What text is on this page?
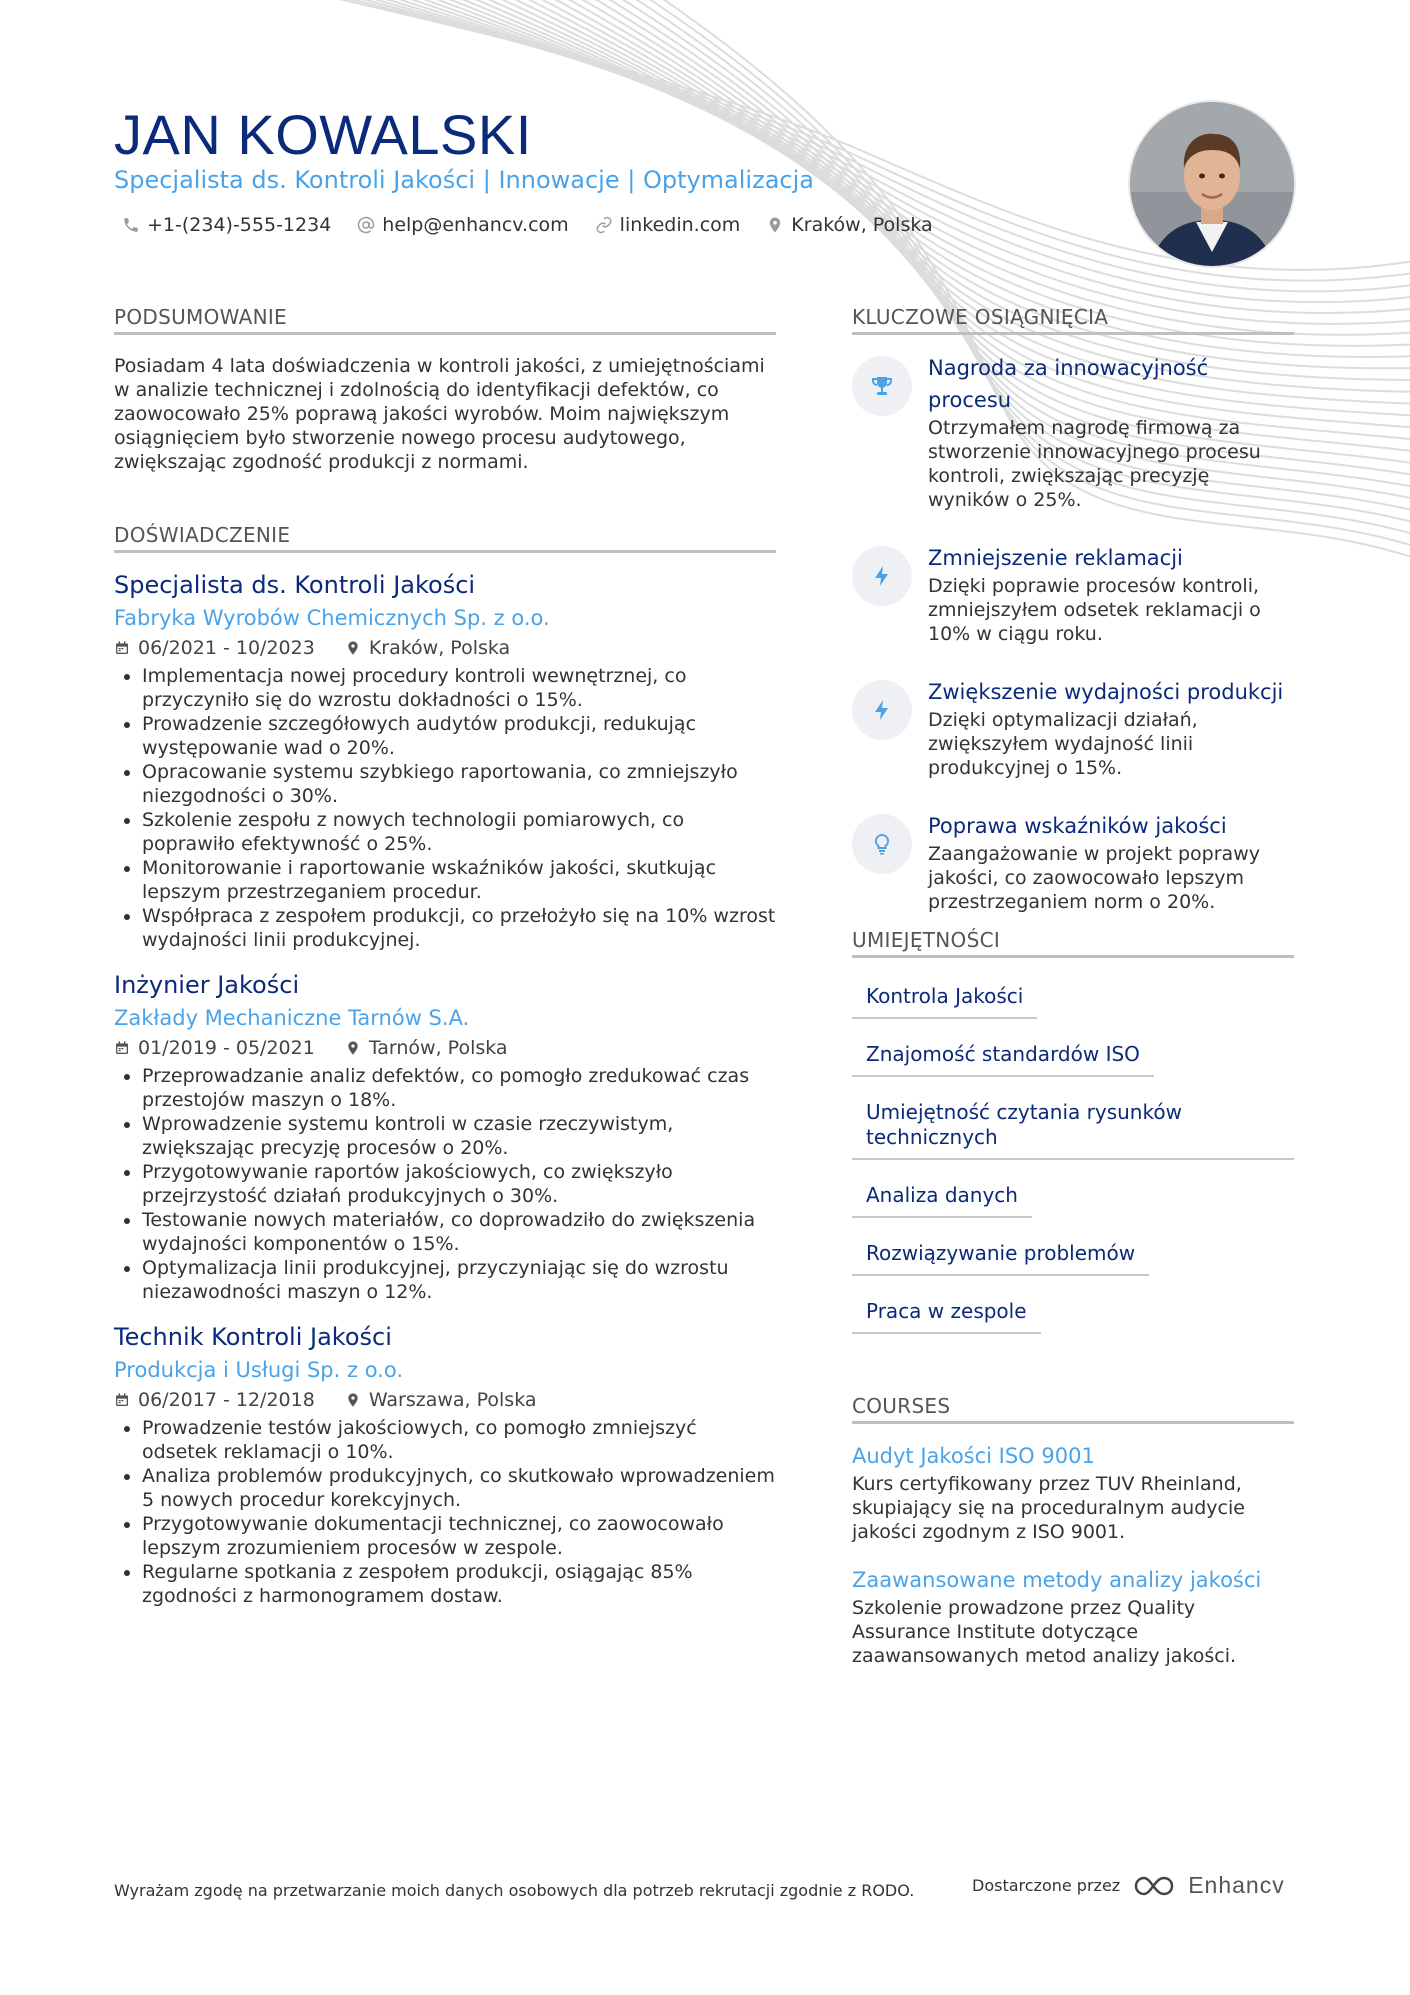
JAN KOWALSKI
Specjalista ds. Kontroli Jakości | Innowacje | Optymalizacja
+1-(234)-555-1234	help@enhancv.com	linkedin.com	Kraków, Polska
PODSUMOWANIE
Posiadam 4 lata doświadczenia w kontroli jakości, z umiejętnościami w analizie technicznej i zdolnością do identyfikacji defektów, co zaowocowało 25% poprawą jakości wyrobów. Moim największym osiągnięciem było stworzenie nowego procesu audytowego, zwiększając zgodność produkcji z normami.
DOŚWIADCZENIE
Specjalista ds. Kontroli Jakości
Fabryka Wyrobów Chemicznych Sp. z o.o.
06/2021 - 10/2023	Kraków, Polska
Implementacja nowej procedury kontroli wewnętrznej, co przyczyniło się do wzrostu dokładności o 15%.
Prowadzenie szczegółowych audytów produkcji, redukując występowanie wad o 20%.
Opracowanie systemu szybkiego raportowania, co zmniejszyło niezgodności o 30%.
Szkolenie zespołu z nowych technologii pomiarowych, co poprawiło efektywność o 25%.
Monitorowanie i raportowanie wskaźników jakości, skutkując lepszym przestrzeganiem procedur.
Współpraca z zespołem produkcji, co przełożyło się na 10% wzrost wydajności linii produkcyjnej.
Inżynier Jakości
Zakłady Mechaniczne Tarnów S.A.
01/2019 - 05/2021	Tarnów, Polska
Przeprowadzanie analiz defektów, co pomogło zredukować czas przestojów maszyn o 18%.
Wprowadzenie systemu kontroli w czasie rzeczywistym, zwiększając precyzję procesów o 20%.
Przygotowywanie raportów jakościowych, co zwiększyło przejrzystość działań produkcyjnych o 30%.
Testowanie nowych materiałów, co doprowadziło do zwiększenia wydajności komponentów o 15%.
Optymalizacja linii produkcyjnej, przyczyniając się do wzrostu niezawodności maszyn o 12%.
Technik Kontroli Jakości
Produkcja i Usługi Sp. z o.o.
06/2017 - 12/2018	Warszawa, Polska
Prowadzenie testów jakościowych, co pomogło zmniejszyć odsetek reklamacji o 10%.
Analiza problemów produkcyjnych, co skutkowało wprowadzeniem 5 nowych procedur korekcyjnych.
Przygotowywanie dokumentacji technicznej, co zaowocowało lepszym zrozumieniem procesów w zespole.
Regularne spotkania z zespołem produkcji, osiągając 85% zgodności z harmonogramem dostaw.
KLUCZOWE OSIĄGNIĘCIA
Nagroda za innowacyjność procesu
Otrzymałem nagrodę firmową za stworzenie innowacyjnego procesu kontroli, zwiększając precyzję wyników o 25%.
Zmniejszenie reklamacji
Dzięki poprawie procesów kontroli, zmniejszyłem odsetek reklamacji o 10% w ciągu roku.
Zwiększenie wydajności produkcji
Dzięki optymalizacji działań, zwiększyłem wydajność linii produkcyjnej o 15%.
Poprawa wskaźników jakości
Zaangażowanie w projekt poprawy jakości, co zaowocowało lepszym przestrzeganiem norm o 20%.
UMIEJĘTNOŚCI
Kontrola Jakości
Znajomość standardów ISO
Umiejętność czytania rysunków technicznych
Analiza danych
Rozwiązywanie problemów
Praca w zespole
COURSES
Audyt Jakości ISO 9001
Kurs certyfikowany przez TUV Rheinland, skupiający się na proceduralnym audycie jakości zgodnym z ISO 9001.
Zaawansowane metody analizy jakości
Szkolenie prowadzone przez Quality Assurance Institute dotyczące zaawansowanych metod analizy jakości.
Wyrażam zgodę na przetwarzanie moich danych osobowych dla potrzeb rekrutacji zgodnie z RODO.	Dostarczone przez	Enhancv
